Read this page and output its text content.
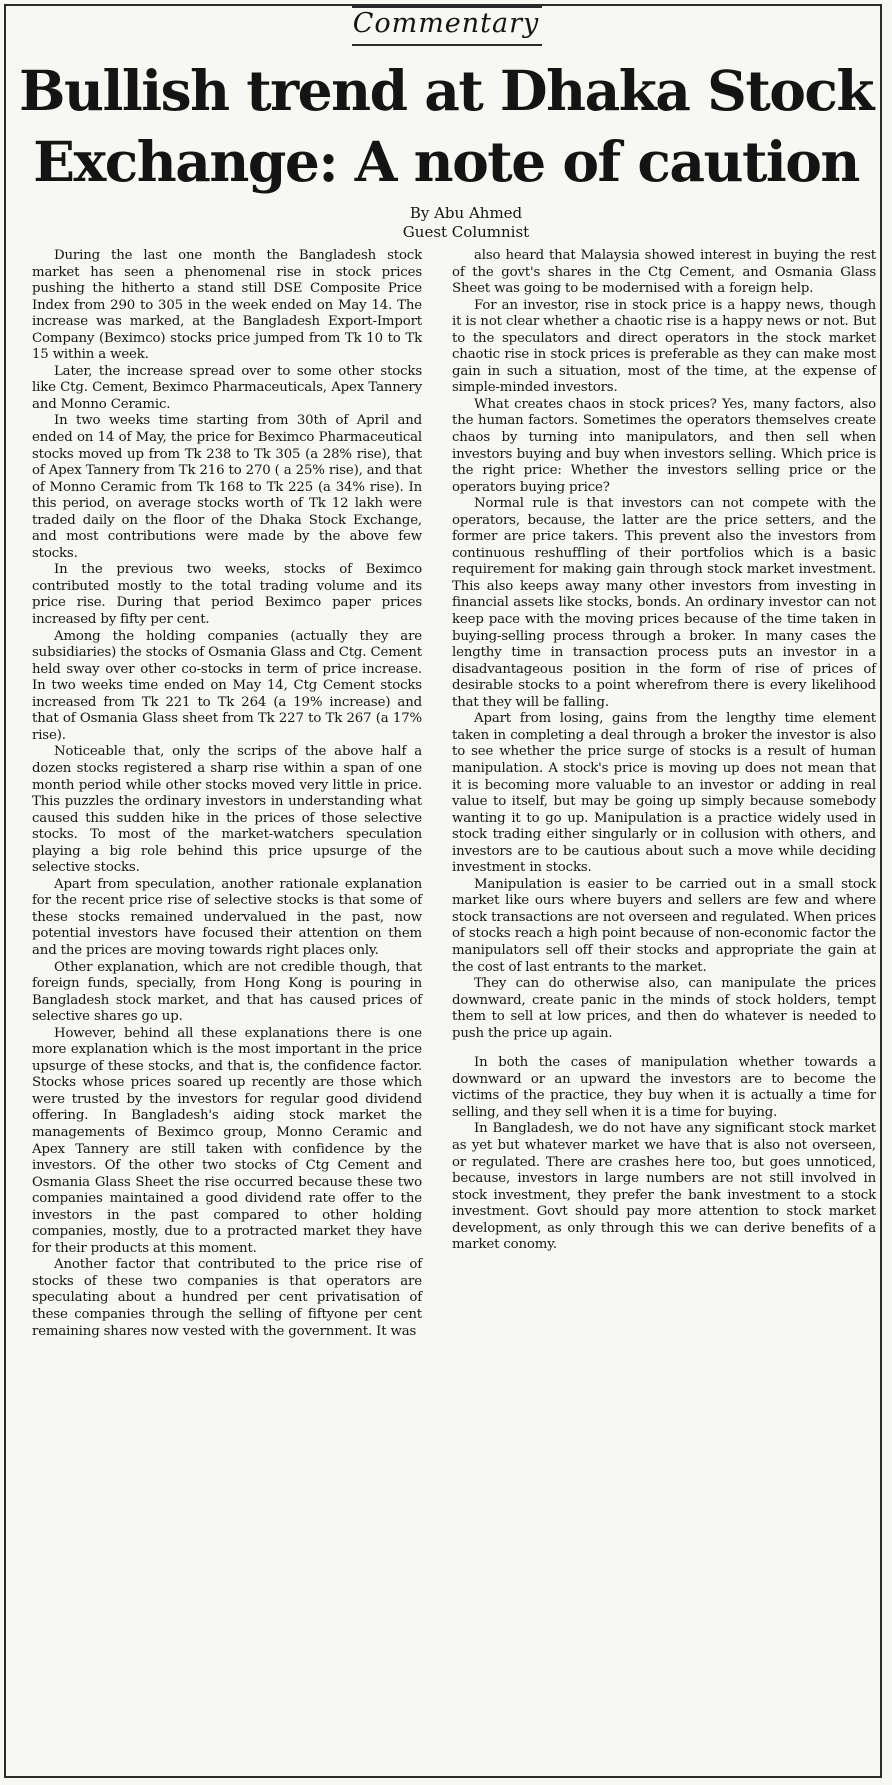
Commentary
Bullish trend at Dhaka Stock
Exchange: A note of caution
By Abu Ahmed
Guest Columnist

During the last one month the Bangladesh stock market has seen a phenomenal rise in stock prices pushing the hitherto a stand still DSE Composite Price Index from 290 to 305 in the week ended on May 14. The increase was marked, at the Bangladesh Export-Import Company (Beximco) stocks price jumped from Tk 10 to Tk 15 within a week.

Later, the increase spread over to some other stocks like Ctg. Cement, Beximco Pharmaceuticals, Apex Tannery and Monno Ceramic.

In two weeks time starting from 30th of April and ended on 14 of May, the price for Beximco Pharmaceutical stocks moved up from Tk 238 to Tk 305 (a 28% rise), that of Apex Tannery from Tk 216 to 270 ( a 25% rise), and that of Monno Ceramic from Tk 168 to Tk 225 (a 34% rise). In this period, on average stocks worth of Tk 12 lakh were traded daily on the floor of the Dhaka Stock Exchange, and most contributions were made by the above few stocks.

In the previous two weeks, stocks of Beximco contributed mostly to the total trading volume and its price rise. During that period Beximco paper prices increased by fifty per cent.

Among the holding companies (actually they are subsidiaries) the stocks of Osmania Glass and Ctg. Cement held sway over other co-stocks in term of price increase. In two weeks time ended on May 14, Ctg Cement stocks increased from Tk 221 to Tk 264 (a 19% increase) and that of Osmania Glass sheet from Tk 227 to Tk 267 (a 17% rise).

Noticeable that, only the scrips of the above half a dozen stocks registered a sharp rise within a span of one month period while other stocks moved very little in price. This puzzles the ordinary investors in understanding what caused this sudden hike in the prices of those selective stocks. To most of the market-watchers speculation playing a big role behind this price upsurge of the selective stocks.

Apart from speculation, another rationale explanation for the recent price rise of selective stocks is that some of these stocks remained undervalued in the past, now potential investors have focused their attention on them and the prices are moving towards right places only.

Other explanation, which are not credible though, that foreign funds, specially, from Hong Kong is pouring in Bangladesh stock market, and that has caused prices of selective shares go up.

However, behind all these explanations there is one more explanation which is the most important in the price upsurge of these stocks, and that is, the confidence factor. Stocks whose prices soared up recently are those which were trusted by the investors for regular good dividend offering. In Bangladesh's aiding stock market the managements of Beximco group, Monno Ceramic and Apex Tannery are still taken with confidence by the investors. Of the other two stocks of Ctg Cement and Osmania Glass Sheet the rise occurred because these two companies maintained a good dividend rate offer to the investors in the past compared to other holding companies, mostly, due to a protracted market they have for their products at this moment.

Another factor that contributed to the price rise of stocks of these two companies is that operators are speculating about a hundred per cent privatisation of these companies through the selling of fiftyone per cent remaining shares now vested with the government. It was

also heard that Malaysia showed interest in buying the rest of the govt's shares in the Ctg Cement, and Osmania Glass Sheet was going to be modernised with a foreign help.

For an investor, rise in stock price is a happy news, though it is not clear whether a chaotic rise is a happy news or not. But to the speculators and direct operators in the stock market chaotic rise in stock prices is preferable as they can make most gain in such a situation, most of the time, at the expense of simple-minded investors.

What creates chaos in stock prices? Yes, many factors, also the human factors. Sometimes the operators themselves create chaos by turning into manipulators, and then sell when investors buying and buy when investors selling. Which price is the right price: Whether the investors selling price or the operators buying price?

Normal rule is that investors can not compete with the operators, because, the latter are the price setters, and the former are price takers. This prevent also the investors from continuous reshuffling of their portfolios which is a basic requirement for making gain through stock market investment. This also keeps away many other investors from investing in financial assets like stocks, bonds. An ordinary investor can not keep pace with the moving prices because of the time taken in buying-selling process through a broker. In many cases the lengthy time in transaction process puts an investor in a disadvantageous position in the form of rise of prices of desirable stocks to a point wherefrom there is every likelihood that they will be falling.

Apart from losing, gains from the lengthy time element taken in completing a deal through a broker the investor is also to see whether the price surge of stocks is a result of human manipulation. A stock's price is moving up does not mean that it is becoming more valuable to an investor or adding in real value to itself, but may be going up simply because somebody wanting it to go up. Manipulation is a practice widely used in stock trading either singularly or in collusion with others, and investors are to be cautious about such a move while deciding investment in stocks.

Manipulation is easier to be carried out in a small stock market like ours where buyers and sellers are few and where stock transactions are not overseen and regulated. When prices of stocks reach a high point because of non-economic factor the manipulators sell off their stocks and appropriate the gain at the cost of last entrants to the market.

They can do otherwise also, can manipulate the prices downward, create panic in the minds of stock holders, tempt them to sell at low prices, and then do whatever is needed to push the price up again.

In both the cases of manipulation whether towards a downward or an upward the investors are to become the victims of the practice, they buy when it is actually a time for selling, and they sell when it is a time for buying.

In Bangladesh, we do not have any significant stock market as yet but whatever market we have that is also not overseen, or regulated. There are crashes here too, but goes unnoticed, because, investors in large numbers are not still involved in stock investment, they prefer the bank investment to a stock investment. Govt should pay more attention to stock market development, as only through this we can derive benefits of a market conomy.
